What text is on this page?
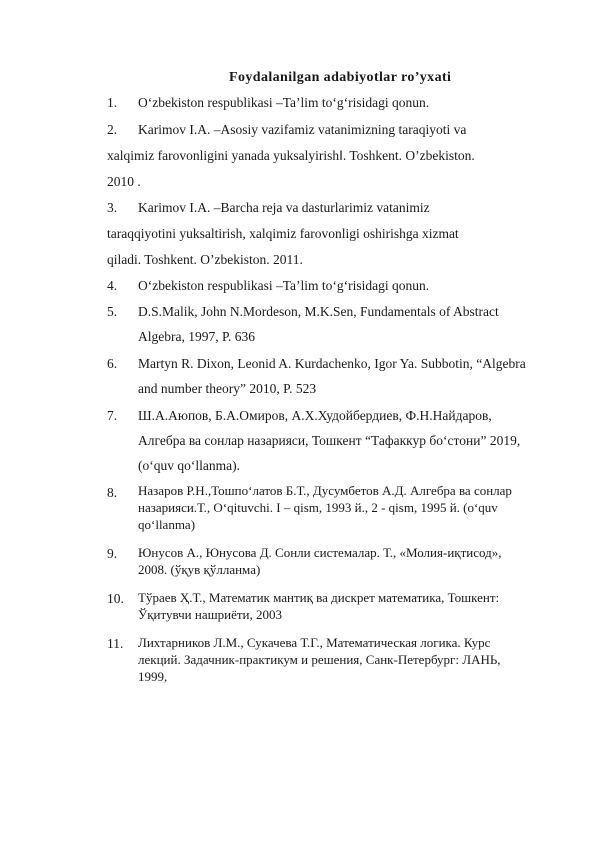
Foydalanilgan adabiyotlar ro’yxati
1. O‘zbekiston respublikasi ‒Ta’lim to‘g‘risidagi qonun.
2. Karimov I.A. ‒Asosiy vazifamiz vatanimizning taraqiyoti va
xalqimiz farovonligini yanada yuksalyirish‖. Toshkent. O’zbekiston.
2010 .
3. Karimov I.A. ‒Barcha reja va dasturlarimiz vatanimiz
taraqqiyotini yuksaltirish, xalqimiz farovonligi oshirishga xizmat
qiladi. Toshkent. O’zbekiston. 2011.
4. O‘zbekiston respublikasi ‒Ta’lim to‘g‘risidagi qonun.
5. D.S.Malik, John N.Mordeson, M.K.Sen, Fundamentals of Abstract
Algebra, 1997, P. 636
6. Martyn R. Dixon, Leonid A. Kurdachenko, Igor Ya. Subbotin, “Algebra
and number theory” 2010, P. 523
7. Ш.А.Аюпов, Б.А.Омиров, А.Х.Худойбердиев, Ф.Н.Найдаров,
Алгебра ва сонлар назарияси, Тошкент “Тафаккур бо‘стони” 2019,
(o‘quv qo‘llanma).
8. Назаров Р.Н.,Тошпо‘латов Б.Т., Дусумбетов А.Д. Алгебра ва сонлар
назарияси.Т., O‘qituvchi. I – qism, 1993 й., 2 - qism, 1995 й. (o‘quv
qo‘llanma)
9. Юнусов А., Юнусова Д. Сонли системалар. Т., «Молия-иқтисод»,
2008. (ўқув қўлланма)
10. Тўраев Ҳ.Т., Математик мантиқ ва дискрет математика, Тошкент:
Ўқитувчи нашриёти, 2003
11. Лихтарников Л.М., Сукачева Т.Г., Математическая логика. Курс
лекций. Задачник-практикум и решения, Санк-Петербург: ЛАНЬ,
1999,
